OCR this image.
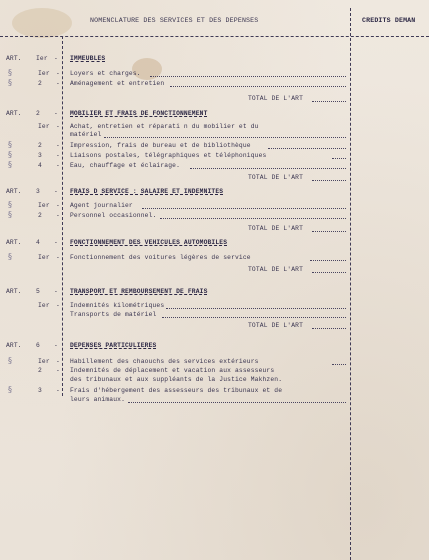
NOMENCLATURE DES SERVICES ET DES DEPENSES	CREDITS DEMAN
ART. Ier - IMMEUBLES
§	Ier - Loyers et charges.
§	2 - Aménagement et entretien
TOTAL DE L'ART
ART. 2 - MOBILIER ET FRAIS DE FONCTIONNEMENT
Ier - Achat, entretien et réparati n du mobilier et du
matériel
§	2 - Impression, frais de bureau et de bibliothèque
§	3 - Liaisons postales, télégraphiques et téléphoniques
§	4 - Eau, chauffage et éclairage.
TOTAL DE L'ART
ART. 3 - FRAIS D SERVICE : SALAIRE ET INDEMNITES
§	Ier - Agent journalier
§	2 - Personnel occasionnel.
TOTAL DE L'ART
ART. 4 - FONCTIONNEMENT DES VEHICULES AUTOMOBILES
§	Ier - Fonctionnement des voitures légères de service
TOTAL DE L'ART
ART. 5 - TRANSPORT ET REMBOURSEMENT DE FRAIS
Ier - Indemnités kilométriques
Transports de matériel
TOTAL DE L'ART
ART. 6 - DEPENSES PARTICULIERES
§	Ier - Habillement des chaouchs des services extérieurs
2 - Indemnités de déplacement et vacation aux assesseurs
des tribunaux et aux suppléants de la Justice Makhzen.
§	3 - Frais d'hébergement des assesseurs des tribunaux et de
leurs animaux.
